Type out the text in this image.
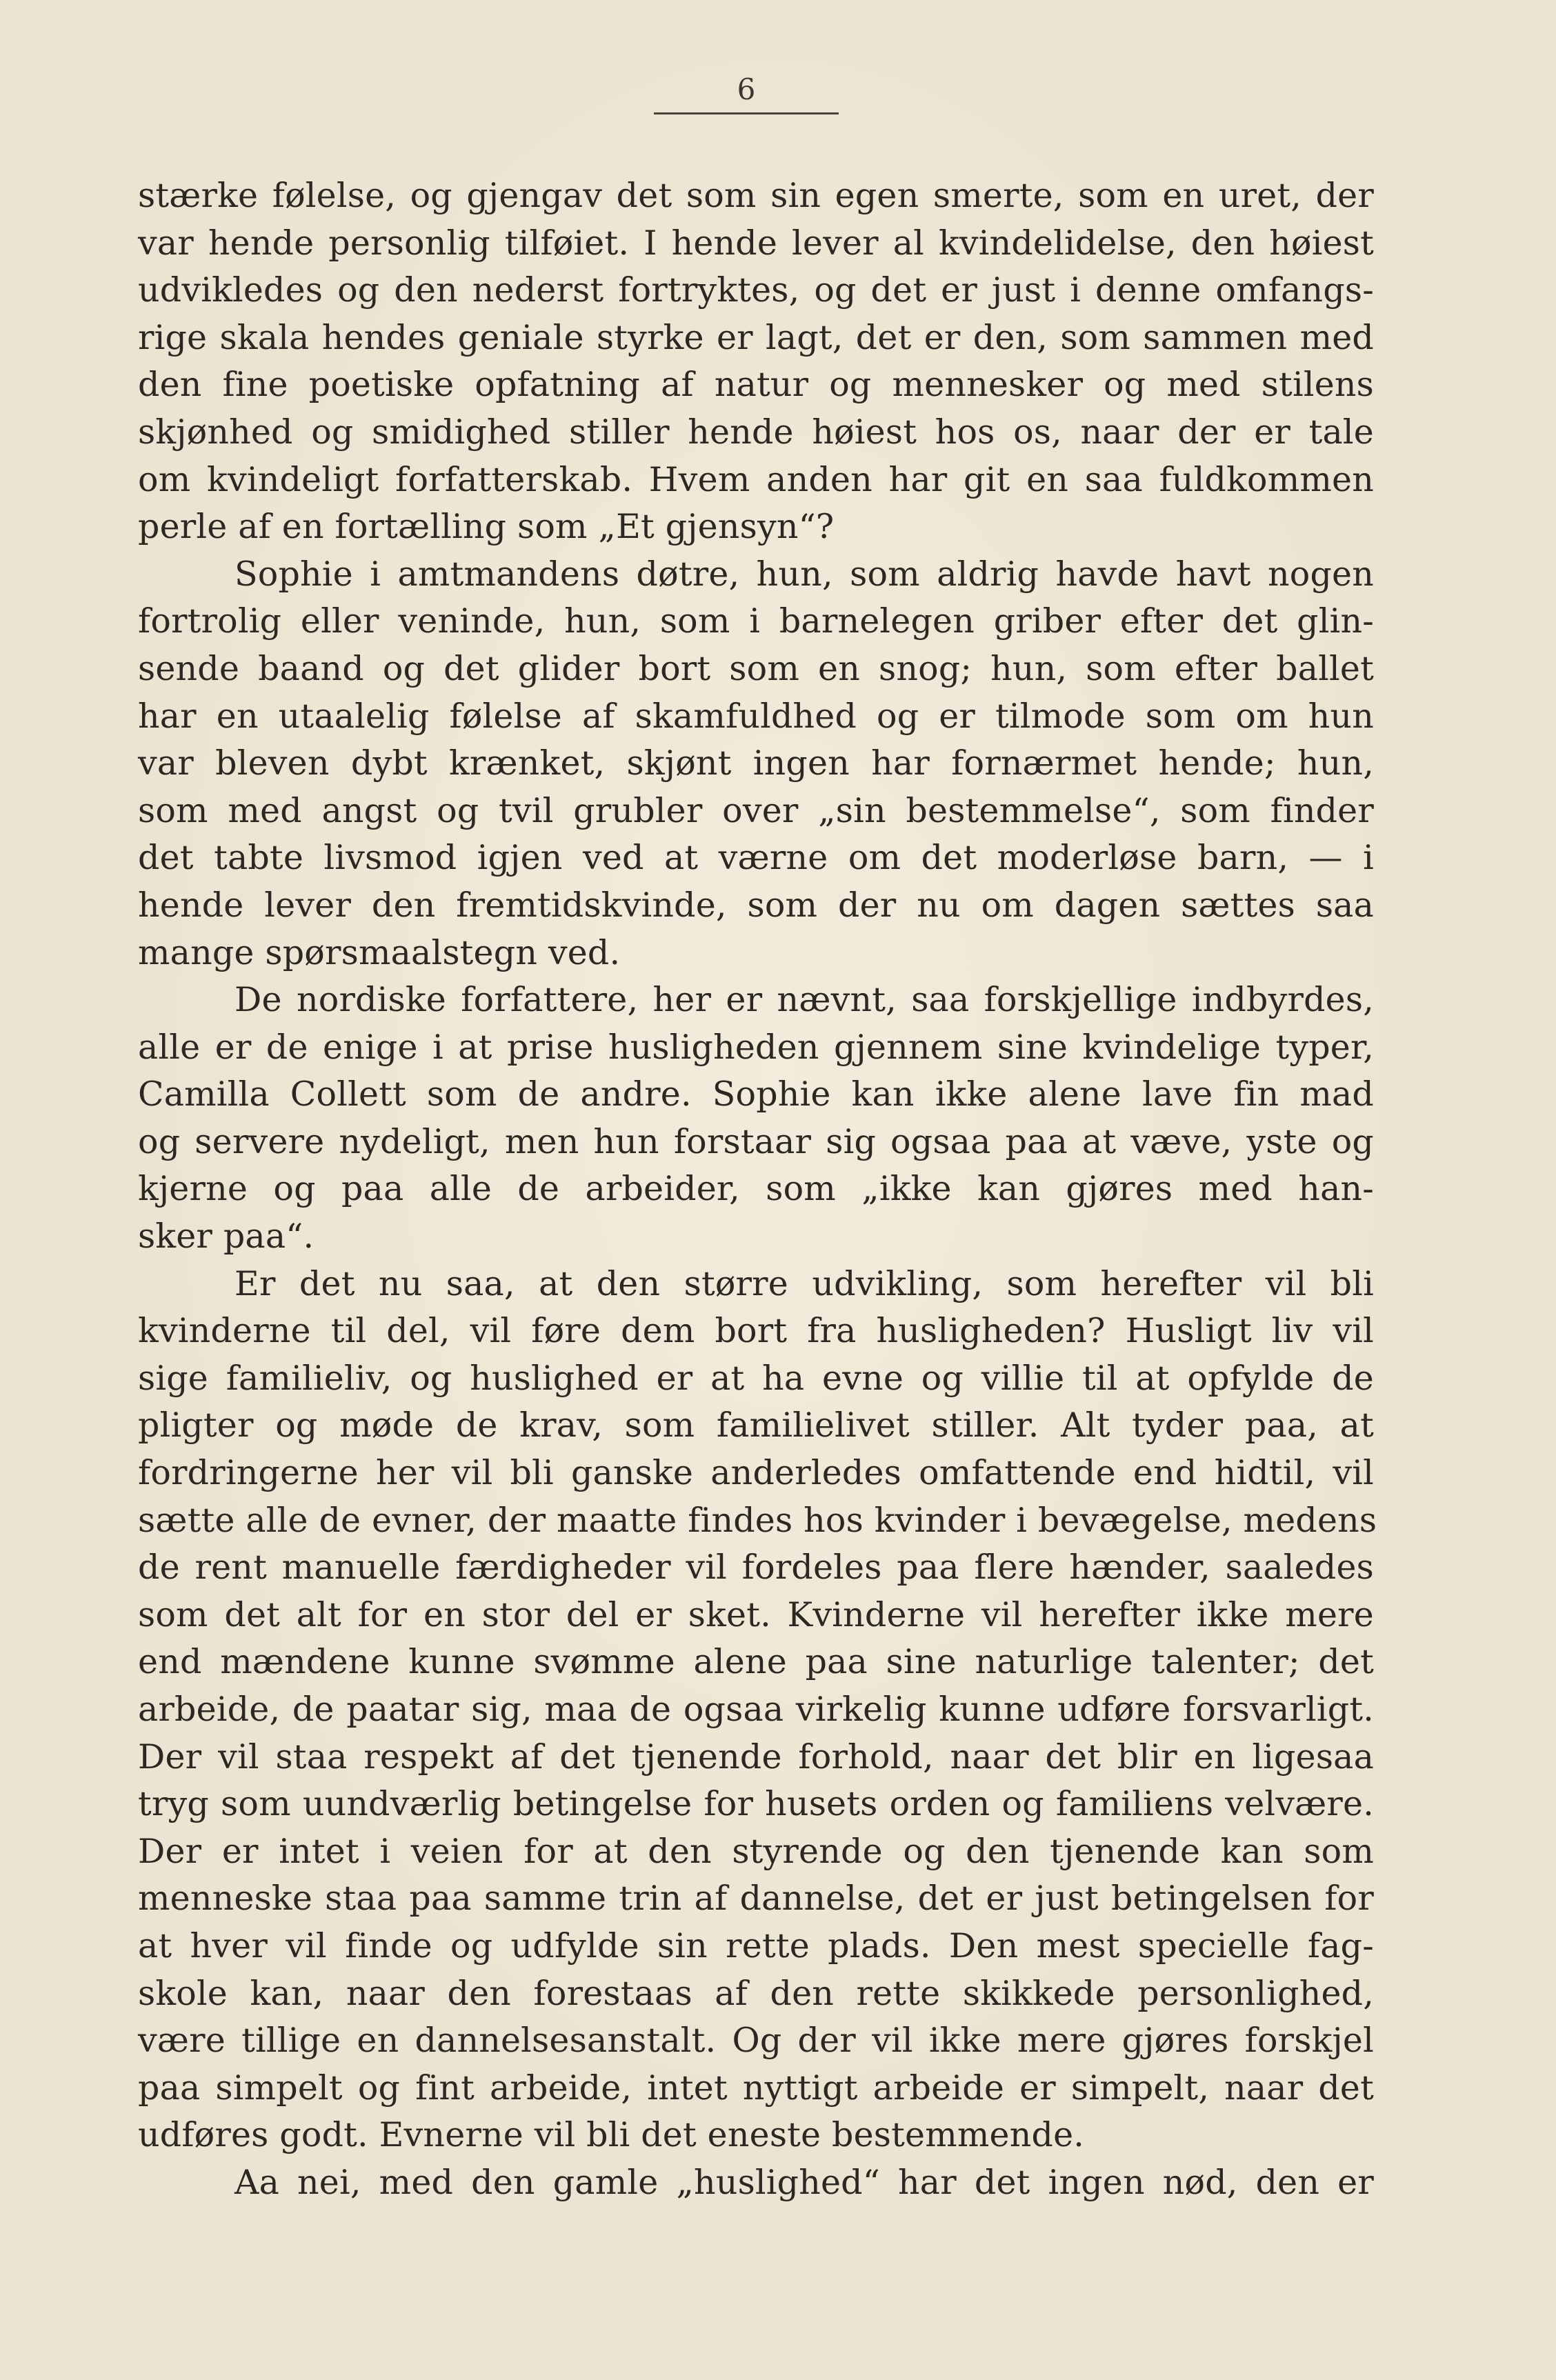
6
stærke følelse, og gjengav det som sin egen smerte, som en uret, der
var hende personlig tilføiet. I hende lever al kvindelidelse, den høiest
udvikledes og den nederst fortryktes, og det er just i denne omfangs-
rige skala hendes geniale styrke er lagt, det er den, som sammen med
den fine poetiske opfatning af natur og mennesker og med stilens
skjønhed og smidighed stiller hende høiest hos os, naar der er tale
om kvindeligt forfatterskab. Hvem anden har git en saa fuldkommen
perle af en fortælling som „Et gjensyn“?
Sophie i amtmandens døtre, hun, som aldrig havde havt nogen
fortrolig eller veninde, hun, som i barnelegen griber efter det glin-
sende baand og det glider bort som en snog; hun, som efter ballet
har en utaalelig følelse af skamfuldhed og er tilmode som om hun
var bleven dybt krænket, skjønt ingen har fornærmet hende; hun,
som med angst og tvil grubler over „sin bestemmelse“, som finder
det tabte livsmod igjen ved at værne om det moderløse barn, — i
hende lever den fremtidskvinde, som der nu om dagen sættes saa
mange spørsmaalstegn ved.
De nordiske forfattere, her er nævnt, saa forskjellige indbyrdes,
alle er de enige i at prise husligheden gjennem sine kvindelige typer,
Camilla Collett som de andre. Sophie kan ikke alene lave fin mad
og servere nydeligt, men hun forstaar sig ogsaa paa at væve, yste og
kjerne og paa alle de arbeider, som „ikke kan gjøres med han-
sker paa“.
Er det nu saa, at den større udvikling, som herefter vil bli
kvinderne til del, vil føre dem bort fra husligheden? Husligt liv vil
sige familieliv, og huslighed er at ha evne og villie til at opfylde de
pligter og møde de krav, som familielivet stiller. Alt tyder paa, at
fordringerne her vil bli ganske anderledes omfattende end hidtil, vil
sætte alle de evner, der maatte findes hos kvinder i bevægelse, medens
de rent manuelle færdigheder vil fordeles paa flere hænder, saaledes
som det alt for en stor del er sket. Kvinderne vil herefter ikke mere
end mændene kunne svømme alene paa sine naturlige talenter; det
arbeide, de paatar sig, maa de ogsaa virkelig kunne udføre forsvarligt.
Der vil staa respekt af det tjenende forhold, naar det blir en ligesaa
tryg som uundværlig betingelse for husets orden og familiens velvære.
Der er intet i veien for at den styrende og den tjenende kan som
menneske staa paa samme trin af dannelse, det er just betingelsen for
at hver vil finde og udfylde sin rette plads. Den mest specielle fag-
skole kan, naar den forestaas af den rette skikkede personlighed,
være tillige en dannelsesanstalt. Og der vil ikke mere gjøres forskjel
paa simpelt og fint arbeide, intet nyttigt arbeide er simpelt, naar det
udføres godt. Evnerne vil bli det eneste bestemmende.
Aa nei, med den gamle „huslighed“ har det ingen nød, den er
